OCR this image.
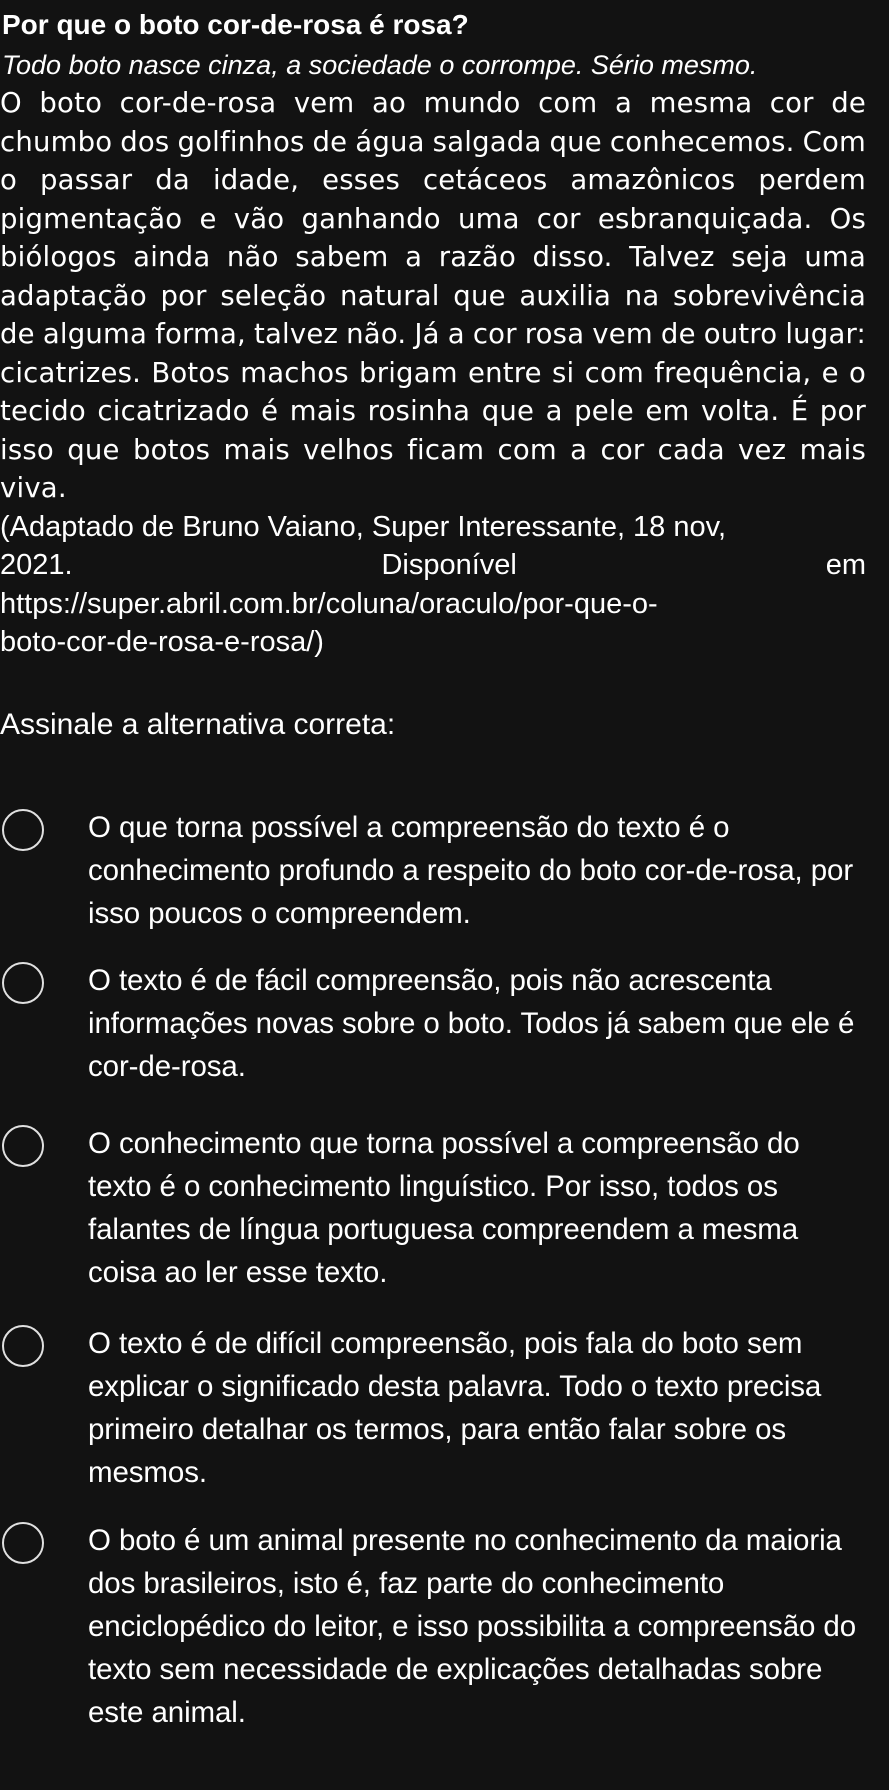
Por que o boto cor-de-rosa é rosa?
Todo boto nasce cinza, a sociedade o corrompe. Sério mesmo.

O boto cor-de-rosa vem ao mundo com a mesma cor de chumbo dos golfinhos de água salgada que conhecemos. Com o passar da idade, esses cetáceos amazônicos perdem pigmentação e vão ganhando uma cor esbranquiçada. Os biólogos ainda não sabem a razão disso. Talvez seja uma adaptação por seleção natural que auxilia na sobrevivência de alguma forma, talvez não. Já a cor rosa vem de outro lugar: cicatrizes. Botos machos brigam entre si com frequência, e o tecido cicatrizado é mais rosinha que a pele em volta. É por isso que botos mais velhos ficam com a cor cada vez mais viva.

(Adaptado de Bruno Vaiano, Super Interessante, 18 nov,
2021.	Disponível	em
https://super.abril.com.br/coluna/oraculo/por-que-o-
boto-cor-de-rosa-e-rosa/)
Assinale a alternativa correta:
O que torna possível a compreensão do texto é o conhecimento profundo a respeito do boto cor-de-rosa, por isso poucos o compreendem.
O texto é de fácil compreensão, pois não acrescenta informações novas sobre o boto. Todos já sabem que ele é cor-de-rosa.
O conhecimento que torna possível a compreensão do texto é o conhecimento linguístico. Por isso, todos os falantes de língua portuguesa compreendem a mesma coisa ao ler esse texto.
O texto é de difícil compreensão, pois fala do boto sem explicar o significado desta palavra. Todo o texto precisa primeiro detalhar os termos, para então falar sobre os mesmos.
O boto é um animal presente no conhecimento da maioria dos brasileiros, isto é, faz parte do conhecimento enciclopédico do leitor, e isso possibilita a compreensão do texto sem necessidade de explicações detalhadas sobre este animal.
